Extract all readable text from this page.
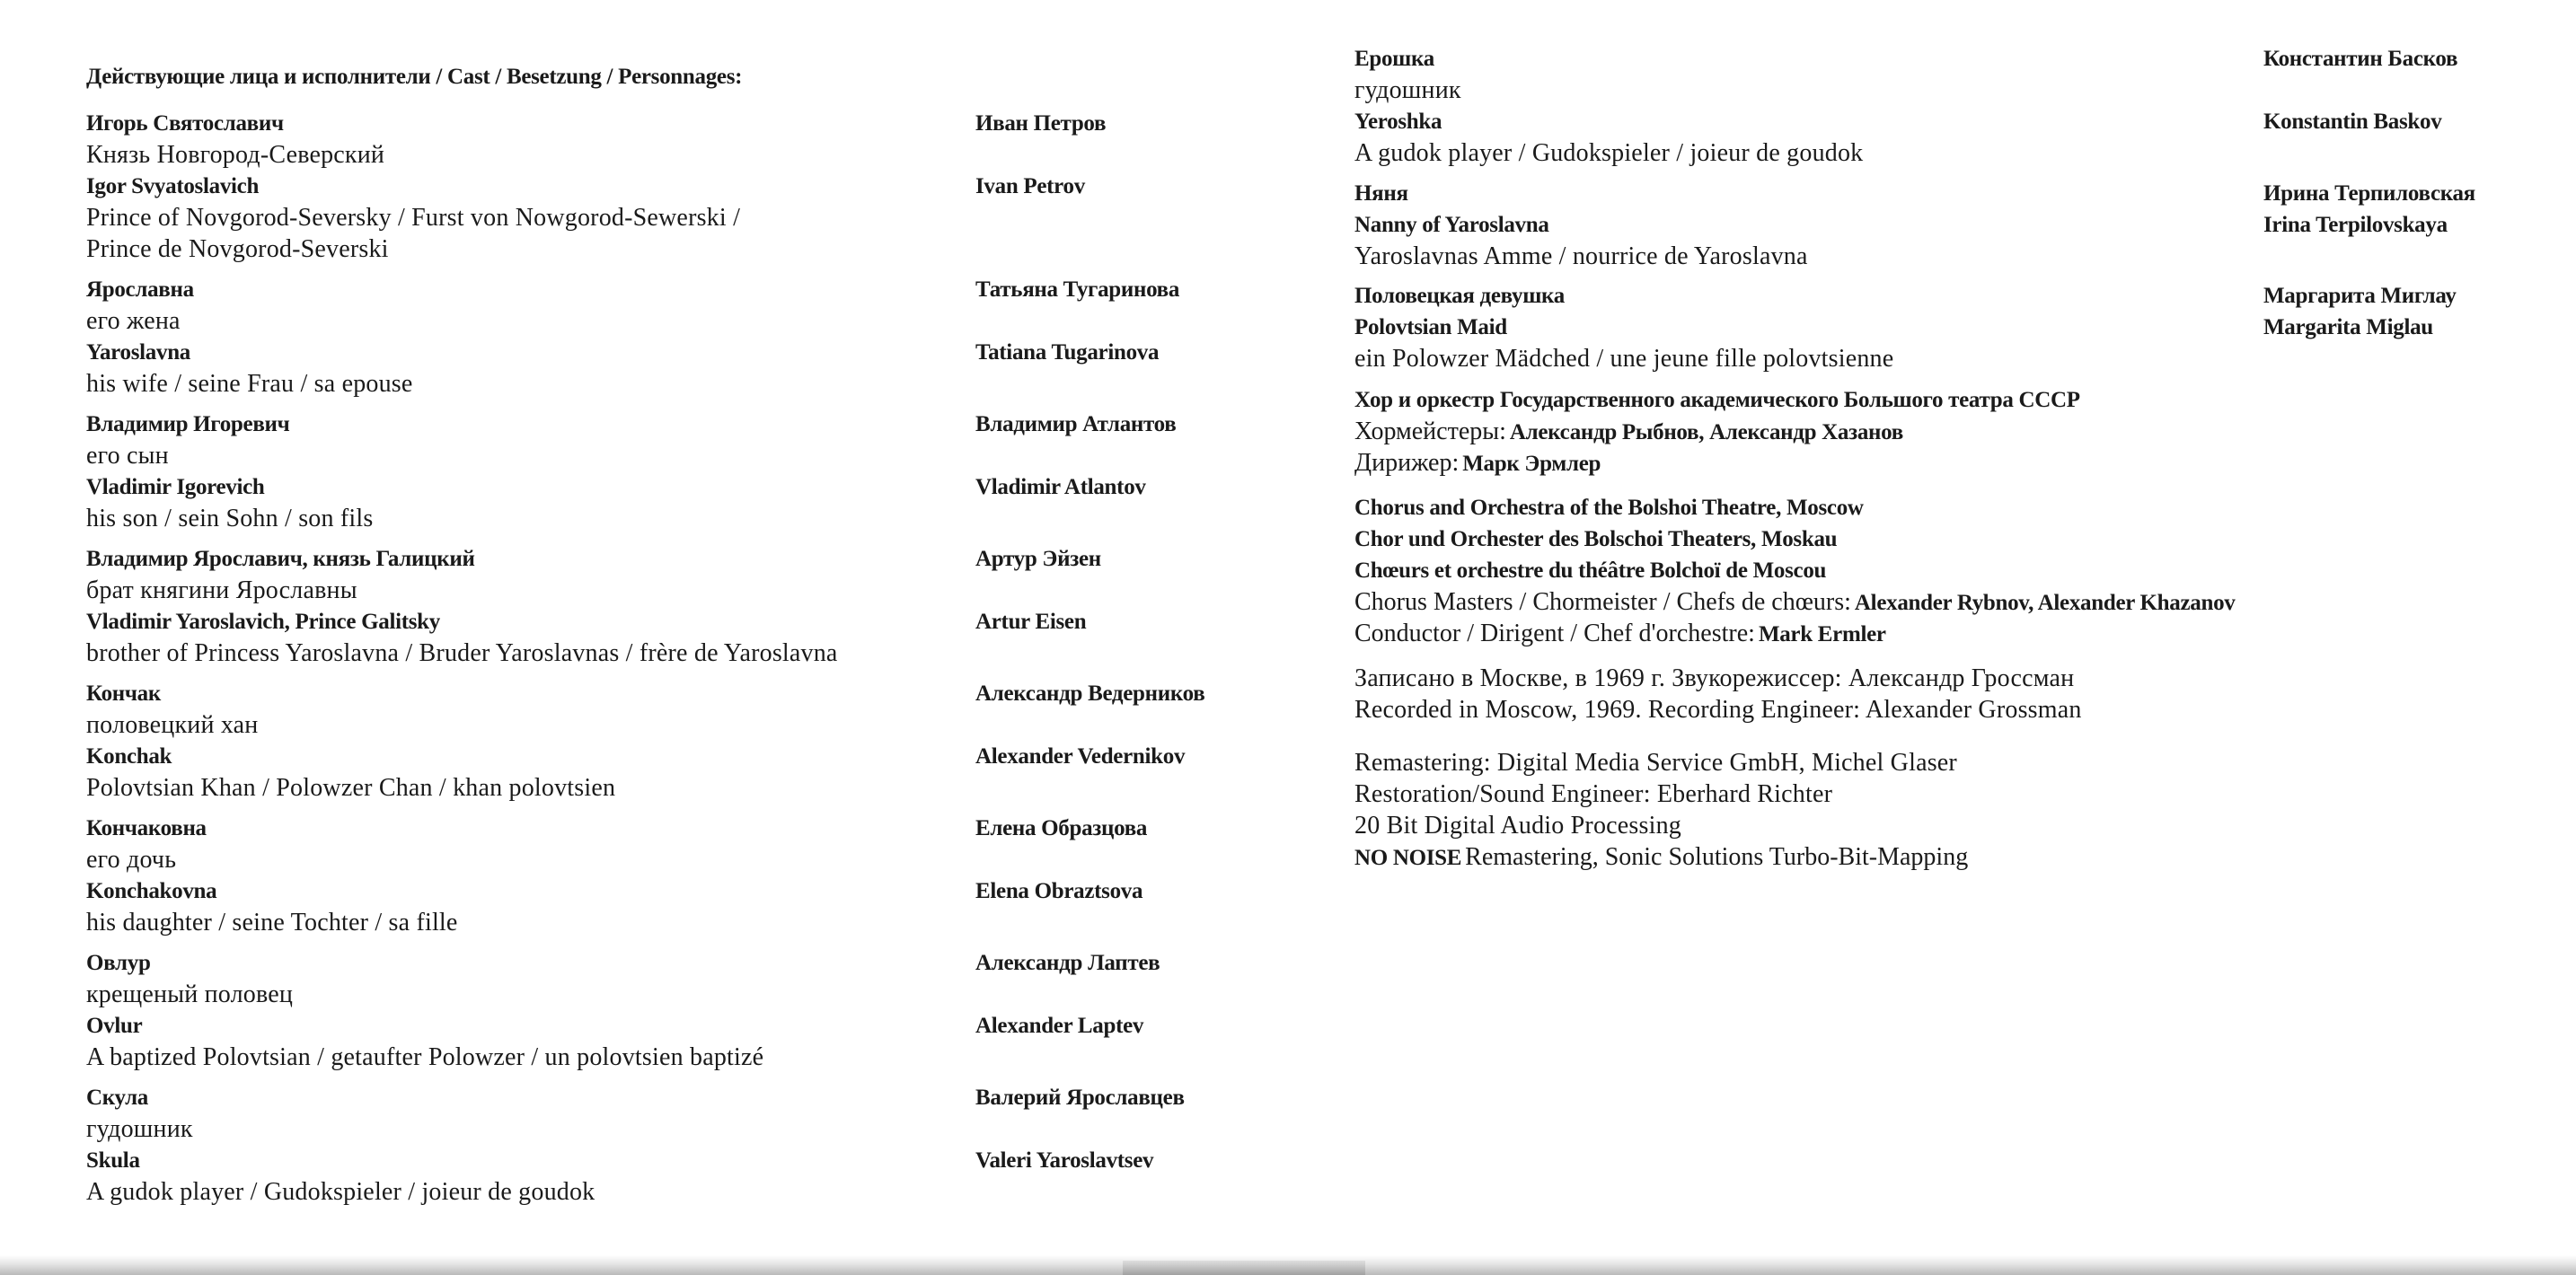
Действующие лица и исполнители / Cast / Besetzung / Personnages:
Игорь Святославич
Князь Новгород-Северский
Igor Svyatoslavich
Prince of Novgorod-Seversky / Furst von Nowgorod-Sewerski /
Prince de Novgorod-Severski
Иван Петров
Ivan Petrov
Ярославна
его жена
Yaroslavna
his wife / seine Frau / sa epouse
Татьяна Тугаринова
Tatiana Tugarinova
Владимир Игоревич
его сын
Vladimir Igorevich
his son / sein Sohn / son fils
Владимир Атлантов
Vladimir Atlantov
Владимир Ярославич, князь Галицкий
брат княгини Ярославны
Vladimir Yaroslavich, Prince Galitsky
brother of Princess Yaroslavna / Bruder Yaroslavnas / frère de Yaroslavna
Артур Эйзен
Artur Eisen
Кончак
половецкий хан
Konchak
Polovtsian Khan / Polowzer Chan / khan polovtsien
Александр Ведерников
Alexander Vedernikov
Кончаковна
его дочь
Konchakovna
his daughter / seine Tochter / sa fille
Елена Образцова
Elena Obraztsova
Овлур
крещеный половец
Ovlur
A baptized Polovtsian / getaufter Polowzer / un polovtsien baptizé
Александр Лаптев
Alexander Laptev
Скула
гудошник
Skula
A gudok player / Gudokspieler / joieur de goudok
Валерий Ярославцев
Valeri Yaroslavtsev
Ерошка
гудошник
Yeroshka
A gudok player / Gudokspieler / joieur de goudok
Константин Басков
Konstantin Baskov
Няня
Nanny of Yaroslavna
Yaroslavnas Amme / nourrice de Yaroslavna
Ирина Терпиловская
Irina Terpilovskaya
Половецкая девушка
Polovtsian Maid
ein Polowzer Mädched / une jeune fille polovtsienne
Маргарита Миглау
Margarita Miglau
Хор и оркестр Государственного академического Большого театра СССР
Хормейстеры: Александр Рыбнов, Александр Хазанов
Дирижер: Марк Эрмлер
Chorus and Orchestra of the Bolshoi Theatre, Moscow
Chor und Orchester des Bolschoi Theaters, Moskau
Chœurs et orchestre du théâtre Bolchoï de Moscou
Chorus Masters / Chormeister / Chefs de chœurs: Alexander Rybnov, Alexander Khazanov
Conductor / Dirigent / Chef d'orchestre: Mark Ermler
Записано в Москве, в 1969 г. Звукорежиссер: Александр Гроссман
Recorded in Moscow, 1969. Recording Engineer: Alexander Grossman
Remastering: Digital Media Service GmbH, Michel Glaser
Restoration/Sound Engineer: Eberhard Richter
20 Bit Digital Audio Processing
NO NOISE Remastering, Sonic Solutions Turbo-Bit-Mapping
